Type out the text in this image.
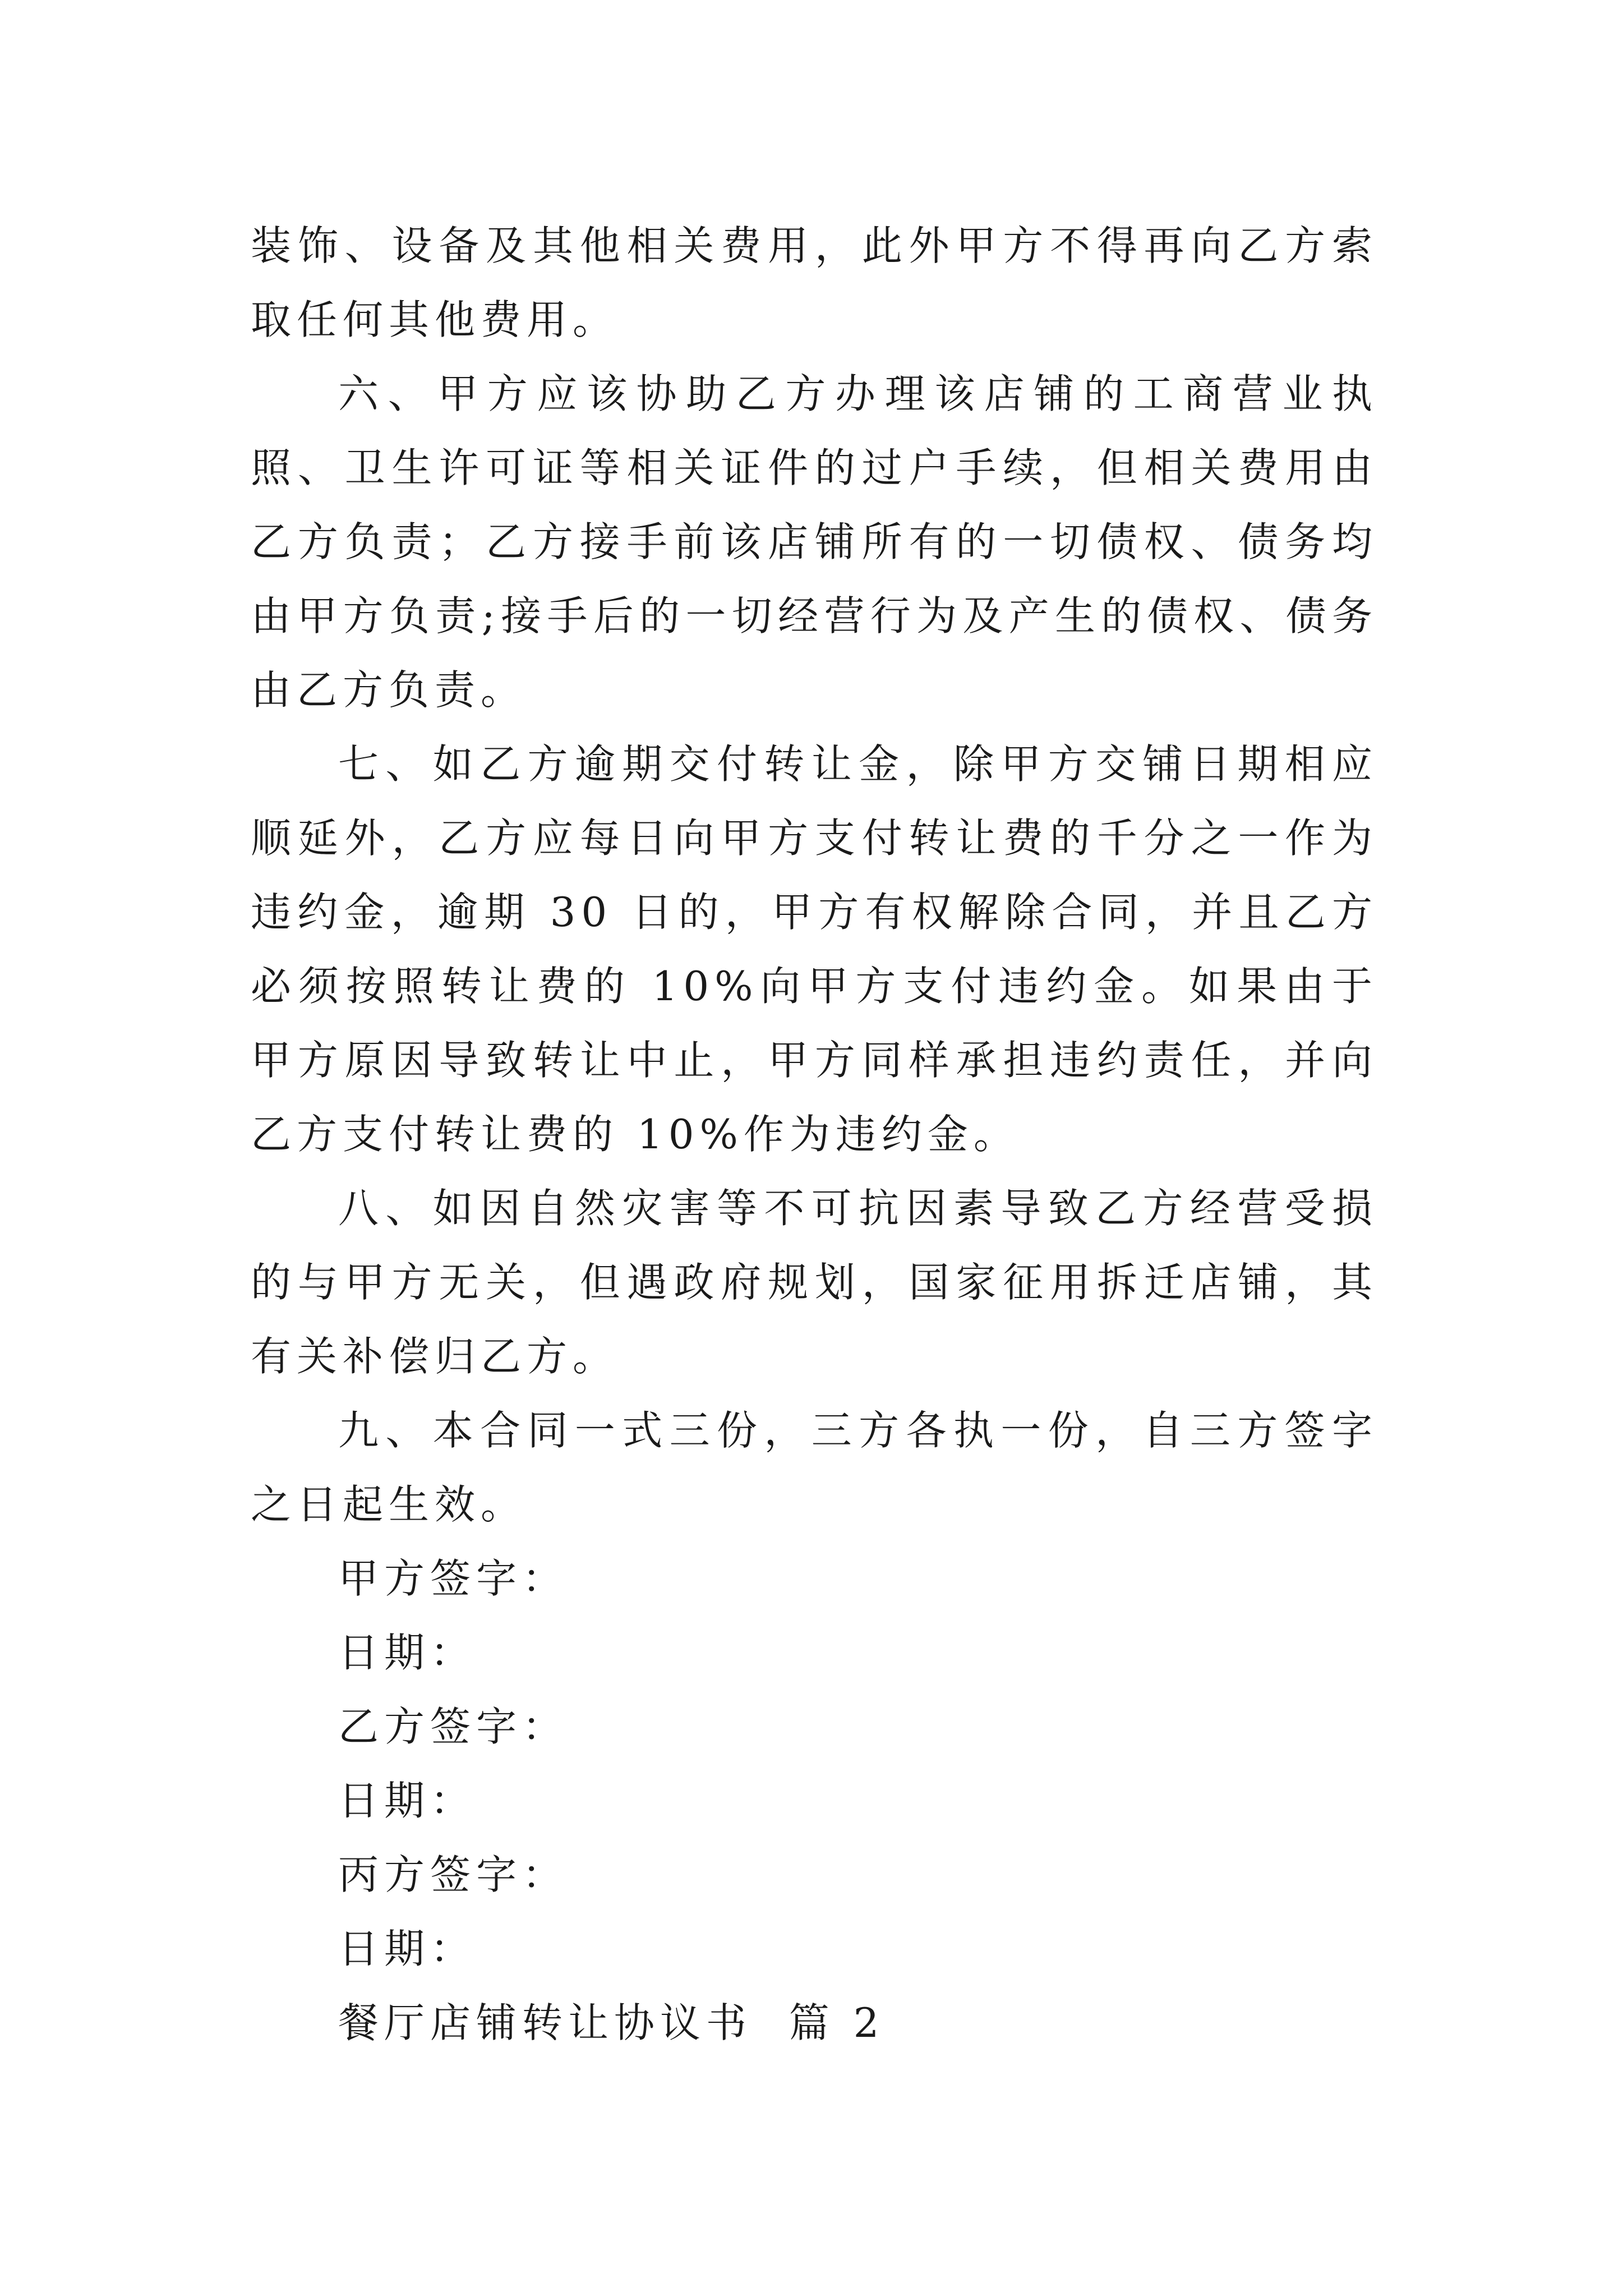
装饰、设备及其他相关费用，此外甲方不得再向乙方索取任何其他费用。

六、甲方应该协助乙方办理该店铺的工商营业执照、卫生许可证等相关证件的过户手续，但相关费用由乙方负责；乙方接手前该店铺所有的一切债权、债务均由甲方负责;接手后的一切经营行为及产生的债权、债务由乙方负责。

七、如乙方逾期交付转让金，除甲方交铺日期相应顺延外，乙方应每日向甲方支付转让费的千分之一作为违约金，逾期 30 日的，甲方有权解除合同，并且乙方必须按照转让费的 10%向甲方支付违约金。如果由于甲方原因导致转让中止，甲方同样承担违约责任，并向乙方支付转让费的 10%作为违约金。

八、如因自然灾害等不可抗因素导致乙方经营受损的与甲方无关，但遇政府规划，国家征用拆迁店铺，其有关补偿归乙方。

九、本合同一式三份，三方各执一份，自三方签字之日起生效。

甲方签字：

日期：

乙方签字：

日期：

丙方签字：

日期：

餐厅店铺转让协议书  篇 2
